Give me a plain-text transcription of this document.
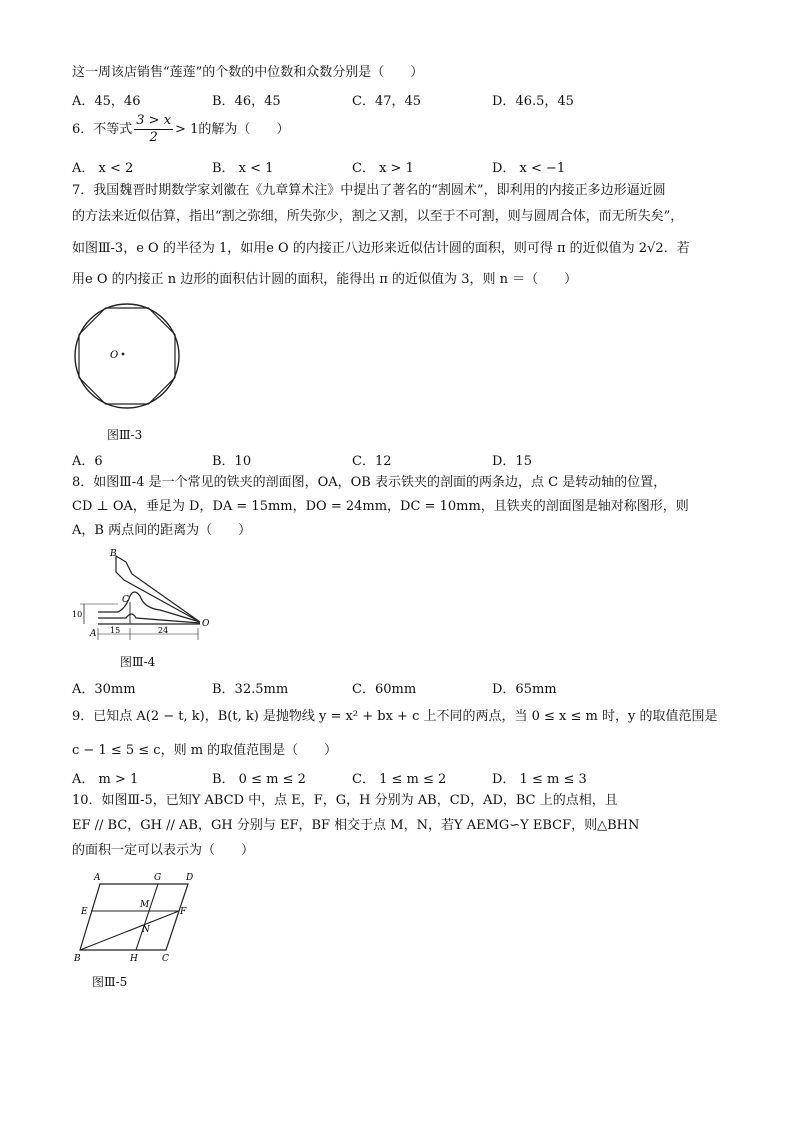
这一周该店销售“莲莲”的个数的中位数和众数分别是（　　）
A．45，46	B．46，45	C．47，45	D．46.5，45
6．不等式 $\frac{3 > x}{2} > 1$的解为（　　）
A． x < 2	B． x < 1	C． x > 1	D． x < −1
7．我国魏晋时期数学家刘徽在《九章算术注》中提出了著名的“割圆术”，即利用的内接正多边形逼近圆
的方法来近似估算，指出“割之弥细，所失弥少，割之又割，以至于不可割，则与圆周合体，而无所失矣”，
如图Ⅲ-3，e O 的半径为 1，如用e O 的内接正八边形来近似估计圆的面积，则可得 π 的近似值为 2√2．若
用e O 的内接正 n 边形的面积估计圆的面积，能得出 π 的近似值为 3，则 n ＝（　　）
O
图Ⅲ-3
A．6	B．10	C．12	D．15
8．如图Ⅲ-4 是一个常见的铁夹的剖面图，OA，OB 表示铁夹的剖面的两条边，点 C 是转动轴的位置，
CD ⊥ OA，垂足为 D，DA = 15mm，DO = 24mm，DC = 10mm，且铁夹的剖面图是轴对称图形，则
A，B 两点间的距离为（　　）
B
C
A
O
10
15	24
图Ⅲ-4
A．30mm	B．32.5mm	C．60mm	D．65mm
9．已知点 A(2 − t, k)，B(t, k) 是抛物线 y = x² + bx + c 上不同的两点，当 0 ≤ x ≤ m 时，y 的取值范围是
c − 1 ≤ 5 ≤ c，则 m 的取值范围是（　　）
A． m > 1	B． 0 ≤ m ≤ 2	C． 1 ≤ m ≤ 2	D． 1 ≤ m ≤ 3
10．如图Ⅲ-5，已知Y ABCD 中，点 E，F，G，H 分别为 AB，CD，AD，BC 上的点相，且
EF // BC，GH // AB，GH 分别与 EF，BF 相交于点 M，N，若Y AEMG∽Y EBCF，则△BHN
的面积一定可以表示为（　　）
A	G	D
E
M
F
N
B	H	C
图Ⅲ-5
